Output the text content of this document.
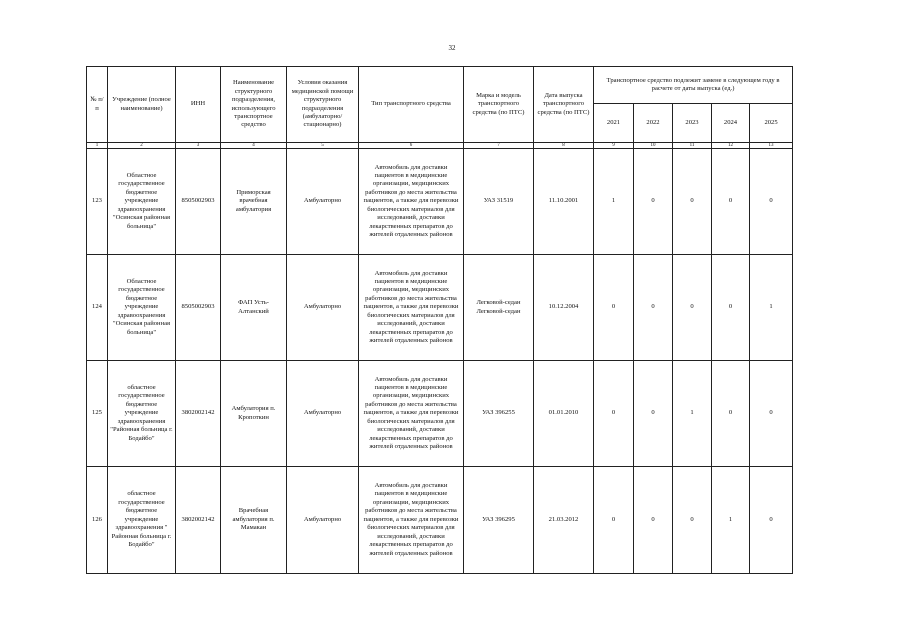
32
№ п/п	Учреждение (полное наименование)	ИНН	Наименование структурного подразделения, использующего транспортное средство	Условия оказания медицинской помощи структурного подразделения (амбулаторно/ стационарно)	Тип транспортного средства	Марка и модель транспортного средства (по ПТС)	Дата выпуска транспортного средства (по ПТС)	Транспортное средство подлежит замене в следующем году в расчете от даты выпуска (ед.)				
								2021	2022	2023	2024	2025
1	2	3	4	5	6	7	8	9	10	11	12	13
123	Областное государственное бюджетное учреждение здравоохранения "Осинская районная больница"	8505002903	Приморская врачебная амбулатория	Амбулаторно	Автомобиль для доставки пациентов в медицинские организации, медицинских работников до места жительства пациентов, а также для перевозки биологических материалов для исследований, доставки лекарственных препаратов до жителей отдаленных районов	УАЗ 31519	11.10.2001	1	0	0	0	0
124	Областное государственное бюджетное учреждение здравоохранения "Осинская районная больница"	8505002903	ФАП Усть-Алтанский	Амбулаторно	Автомобиль для доставки пациентов в медицинские организации, медицинских работников до места жительства пациентов, а также для перевозки биологических материалов для исследований, доставки лекарственных препаратов до жителей отдаленных районов	Легковой-седан Легковой-седан	10.12.2004	0	0	0	0	1
125	областное государственное бюджетное учреждение здравоохранения "Районная больница г. Бодайбо"	3802002142	Амбулатория п. Кропоткин	Амбулаторно	Автомобиль для доставки пациентов в медицинские организации, медицинских работников до места жительства пациентов, а также для перевозки биологических материалов для исследований, доставки лекарственных препаратов до жителей отдаленных районов	УАЗ 396255	01.01.2010	0	0	1	0	0
126	областное государственное бюджетное учреждение здравоохранения " Районная больница г. Бодайбо"	3802002142	Врачебная амбулатория п. Мамакан	Амбулаторно	Автомобиль для доставки пациентов в медицинские организации, медицинских работников до места жительства пациентов, а также для перевозки биологических материалов для исследований, доставки лекарственных препаратов до жителей отдаленных районов	УАЗ 396295	21.03.2012	0	0	0	1	0
